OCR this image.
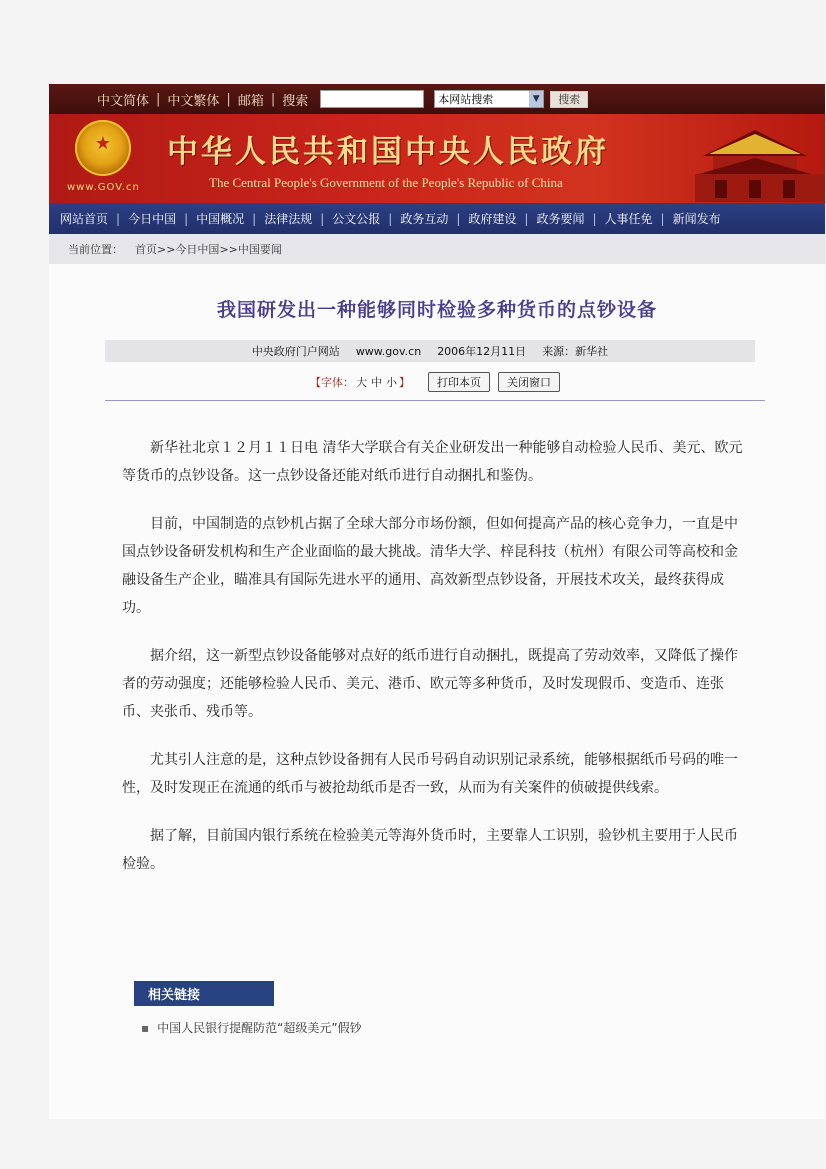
中文简体 | 中文繁体 | 邮箱 | 搜索	本网站搜索	▼	搜索
★
www.GOV.cn
中华人民共和国中央人民政府
The Central People's Government of the People's Republic of China
网站首页 | 今日中国 | 中国概况 | 法律法规 | 公文公报 | 政务互动 | 政府建设 | 政务要闻 | 人事任免 | 新闻发布
当前位置： 首页 >> 今日中国 >> 中国要闻
我国研发出一种能够同时检验多种货币的点钞设备
中央政府门户网站 www.gov.cn 2006年12月11日 来源：新华社
【字体： 大 中 小 】	打印本页	关闭窗口

新华社北京１２月１１日电 清华大学联合有关企业研发出一种能够自动检验人民币、美元、欧元等货币的点钞设备。这一点钞设备还能对纸币进行自动捆扎和鉴伪。

目前，中国制造的点钞机占据了全球大部分市场份额，但如何提高产品的核心竞争力，一直是中国点钞设备研发机构和生产企业面临的最大挑战。清华大学、梓昆科技（杭州）有限公司等高校和金融设备生产企业，瞄准具有国际先进水平的通用、高效新型点钞设备，开展技术攻关，最终获得成功。

据介绍，这一新型点钞设备能够对点好的纸币进行自动捆扎，既提高了劳动效率，又降低了操作者的劳动强度；还能够检验人民币、美元、港币、欧元等多种货币，及时发现假币、变造币、连张币、夹张币、残币等。

尤其引人注意的是，这种点钞设备拥有人民币号码自动识别记录系统，能够根据纸币号码的唯一性，及时发现正在流通的纸币与被抢劫纸币是否一致，从而为有关案件的侦破提供线索。

据了解，目前国内银行系统在检验美元等海外货币时，主要靠人工识别，验钞机主要用于人民币检验。

相关链接
▪ 中国人民银行提醒防范“超级美元”假钞
